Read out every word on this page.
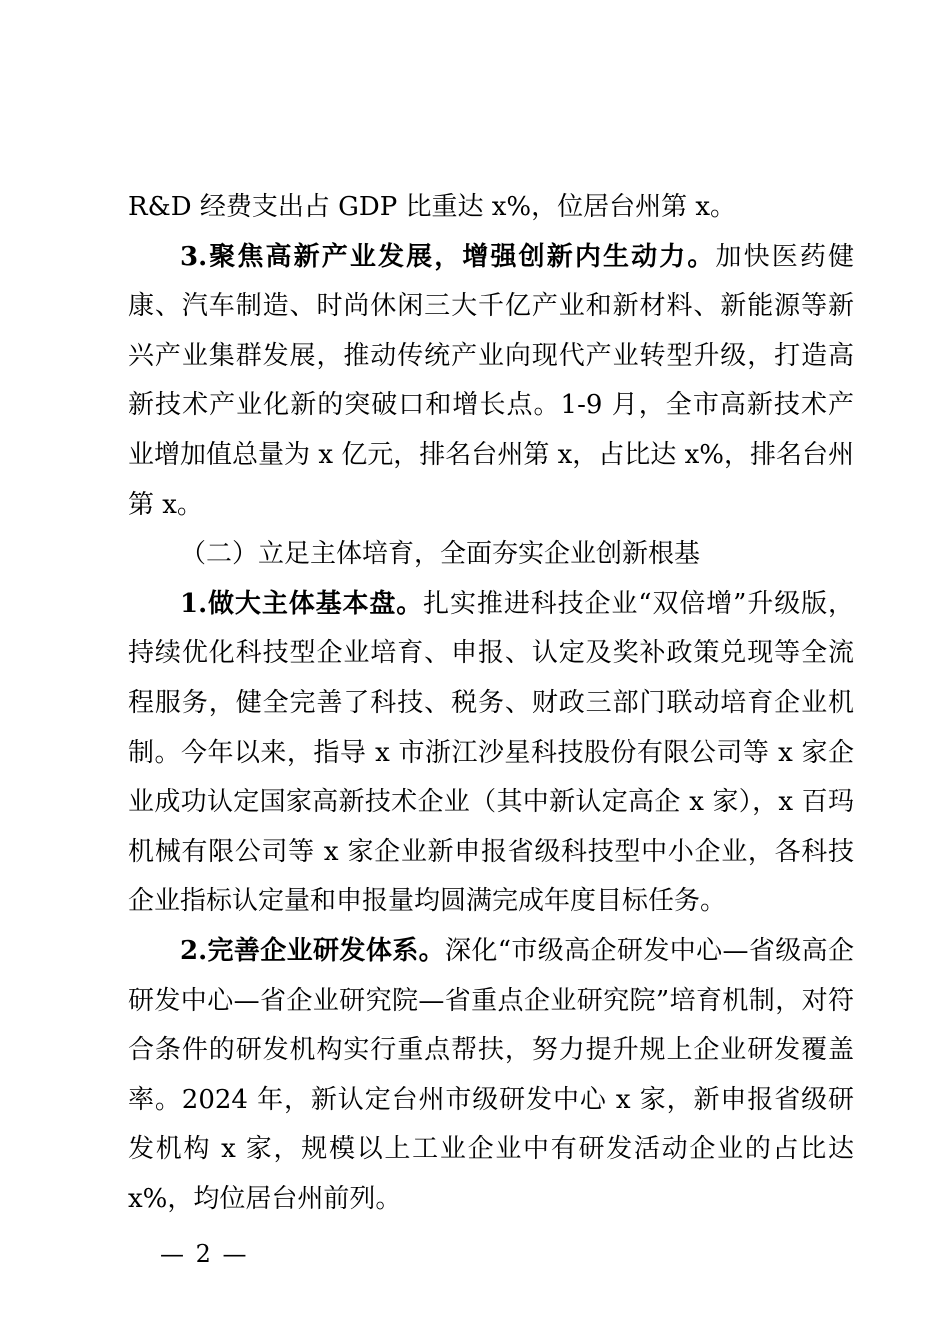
R&D 经费支出占 GDP 比重达 x%，位居台州第 x。

3.聚焦高新产业发展，增强创新内生动力。加快医药健康、汽车制造、时尚休闲三大千亿产业和新材料、新能源等新兴产业集群发展，推动传统产业向现代产业转型升级，打造高新技术产业化新的突破口和增长点。1-9 月，全市高新技术产业增加值总量为 x 亿元，排名台州第 x，占比达 x%，排名台州第 x。

（二）立足主体培育，全面夯实企业创新根基

1.做大主体基本盘。扎实推进科技企业“双倍增”升级版，持续优化科技型企业培育、申报、认定及奖补政策兑现等全流程服务，健全完善了科技、税务、财政三部门联动培育企业机制。今年以来，指导 x 市浙江沙星科技股份有限公司等 x 家企业成功认定国家高新技术企业（其中新认定高企 x 家），x 百玛机械有限公司等 x 家企业新申报省级科技型中小企业，各科技企业指标认定量和申报量均圆满完成年度目标任务。

2.完善企业研发体系。深化“市级高企研发中心—省级高企研发中心—省企业研究院—省重点企业研究院”培育机制，对符合条件的研发机构实行重点帮扶，努力提升规上企业研发覆盖率。2024 年，新认定台州市级研发中心 x 家，新申报省级研发机构 x 家，规模以上工业企业中有研发活动企业的占比达 x%，均位居台州前列。

— 2 —
